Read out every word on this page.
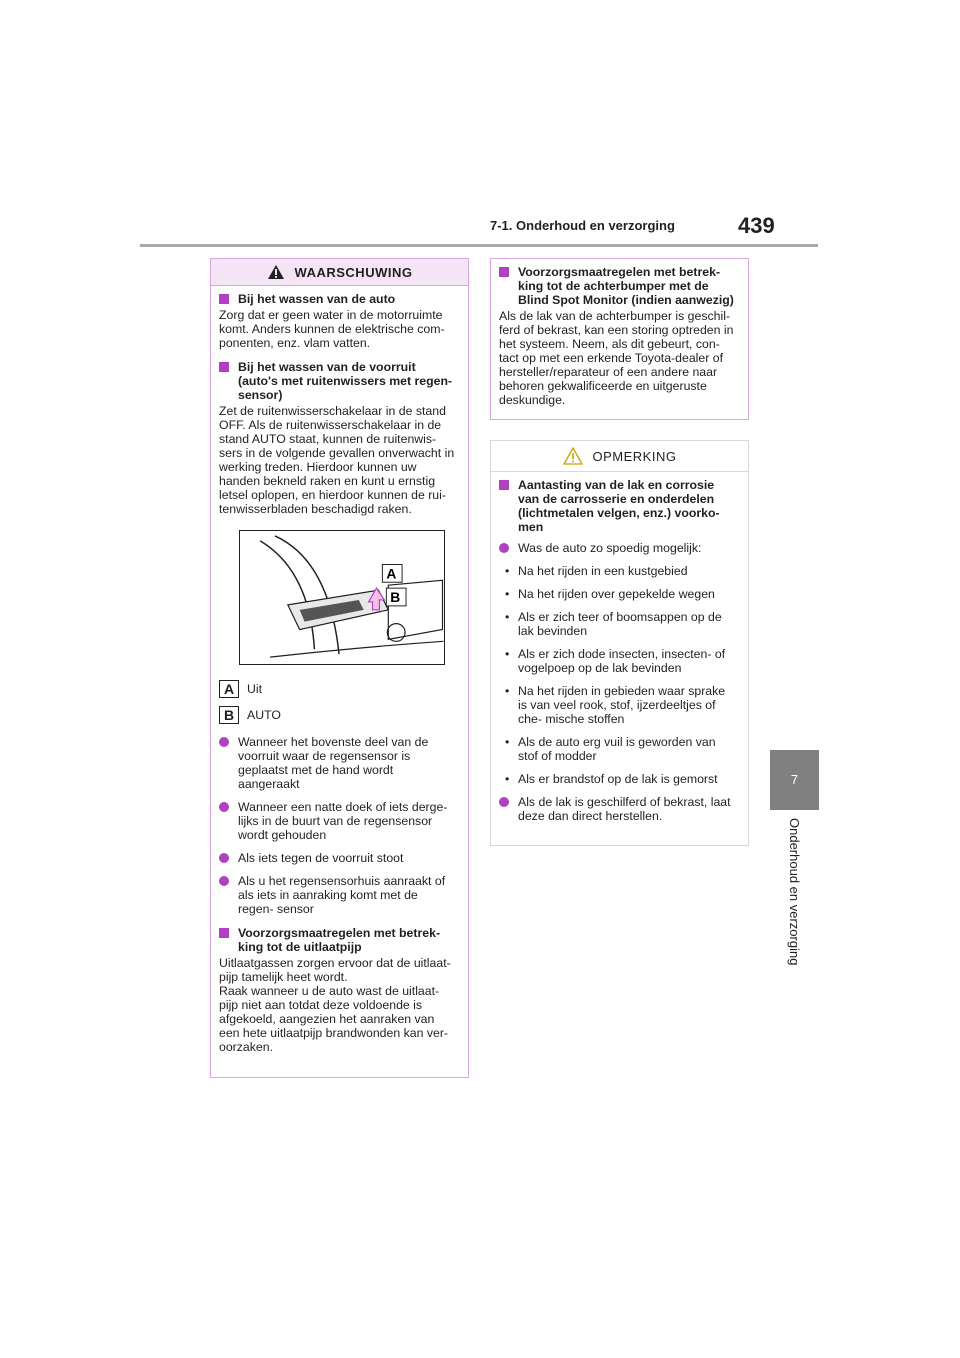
7-1. Onderhoud en verzorging	439
7
Onderhoud en verzorging
WAARSCHUWING
Bij het wassen van de auto

Zorg dat er geen water in de motorruimte komt. Anders kunnen de elektrische com- ponenten, enz. vlam vatten.

Bij het wassen van de voorruit (auto's met ruitenwissers met regen- sensor)

Zet de ruitenwisserschakelaar in de stand OFF. Als de ruitenwisserschakelaar in de stand AUTO staat, kunnen de ruitenwis- sers in de volgende gevallen onverwacht in werking treden. Hierdoor kunnen uw handen bekneld raken en kunt u ernstig letsel oplopen, en hierdoor kunnen de rui- tenwisserbladen beschadigd raken.

A
B
A	Uit
B	AUTO
Wanneer het bovenste deel van de voorruit waar de regensensor is geplaatst met de hand wordt aangeraakt
Wanneer een natte doek of iets derge- lijks in de buurt van de regensensor wordt gehouden
Als iets tegen de voorruit stoot
Als u het regensensorhuis aanraakt of als iets in aanraking komt met de regen- sensor
Voorzorgsmaatregelen met betrek- king tot de uitlaatpijp

Uitlaatgassen zorgen ervoor dat de uitlaat- pijp tamelijk heet wordt.

Raak wanneer u de auto wast de uitlaat- pijp niet aan totdat deze voldoende is afgekoeld, aangezien het aanraken van een hete uitlaatpijp brandwonden kan ver- oorzaken.

Voorzorgsmaatregelen met betrek- king tot de achterbumper met de Blind Spot Monitor (indien aanwezig)

Als de lak van de achterbumper is geschil- ferd of bekrast, kan een storing optreden in het systeem. Neem, als dit gebeurt, con- tact op met een erkende Toyota-dealer of hersteller/reparateur of een andere naar behoren gekwalificeerde en uitgeruste deskundige.

OPMERKING
Aantasting van de lak en corrosie van de carrosserie en onderdelen (lichtmetalen velgen, enz.) voorko- men
Was de auto zo spoedig mogelijk:
• Na het rijden in een kustgebied
• Na het rijden over gepekelde wegen
• Als er zich teer of boomsappen op de lak bevinden
• Als er zich dode insecten, insecten- of vogelpoep op de lak bevinden
• Na het rijden in gebieden waar sprake is van veel rook, stof, ijzerdeeltjes of che- mische stoffen
• Als de auto erg vuil is geworden van stof of modder
• Als er brandstof op de lak is gemorst
Als de lak is geschilferd of bekrast, laat deze dan direct herstellen.
